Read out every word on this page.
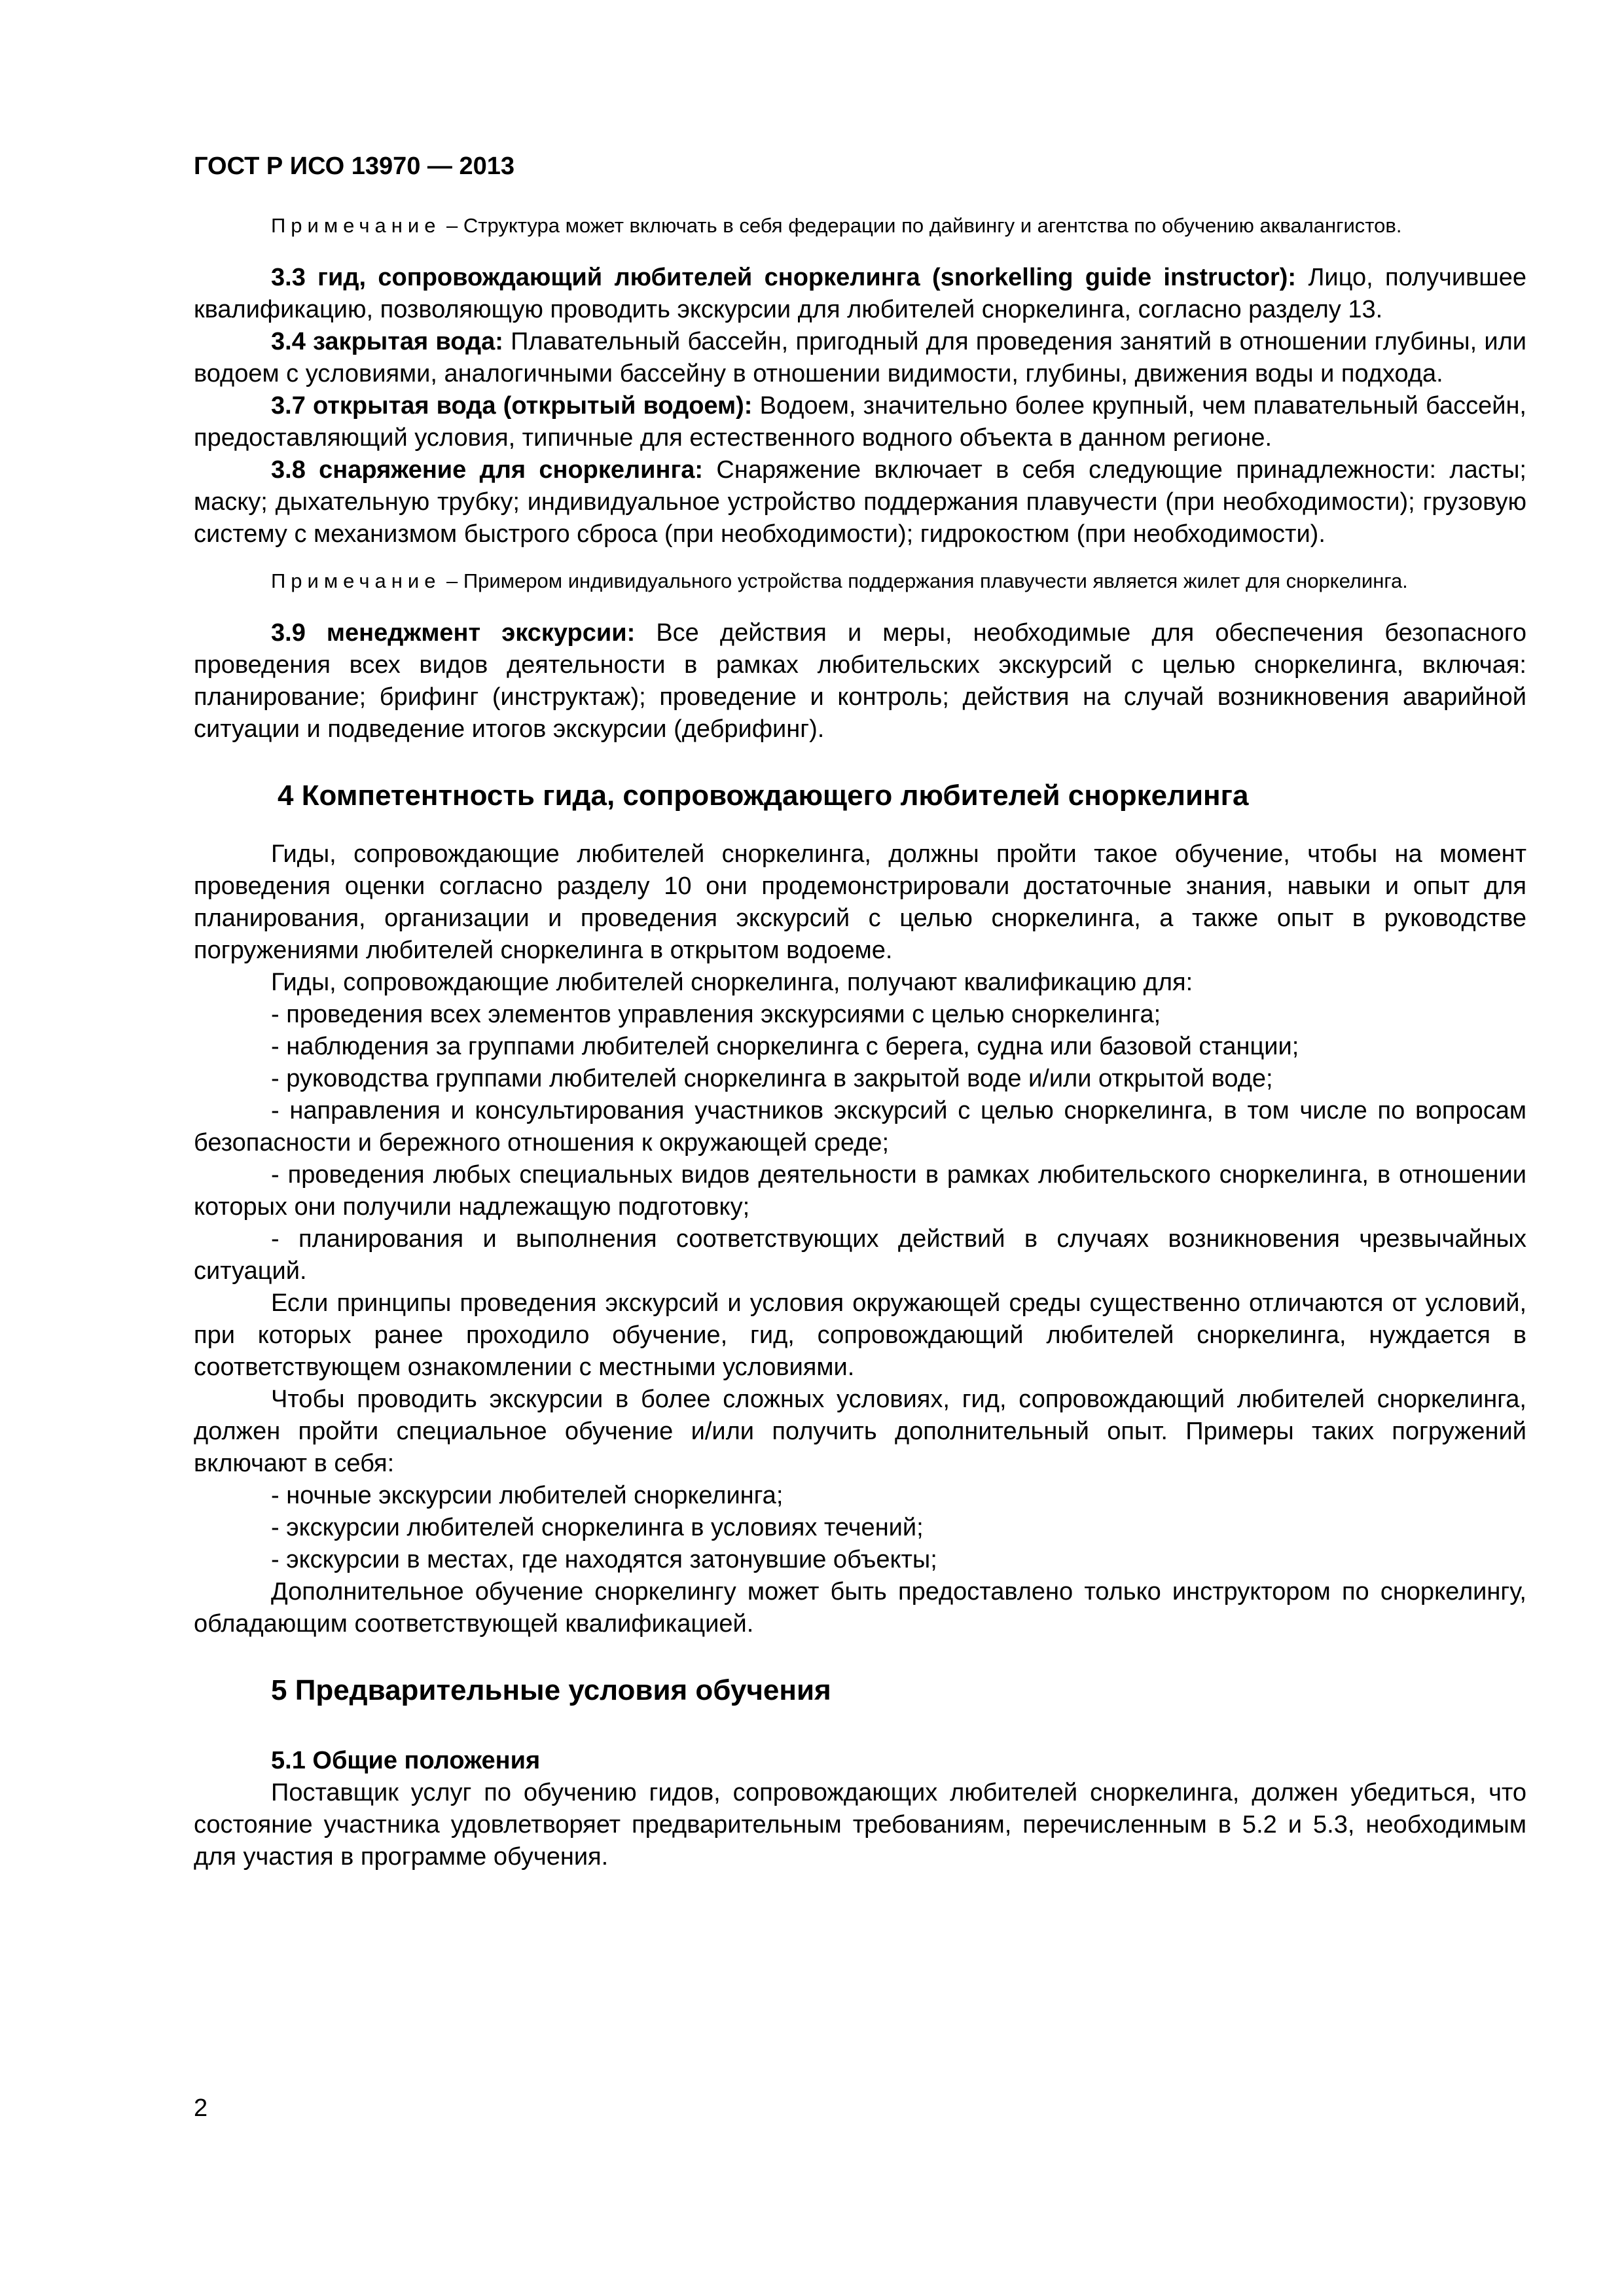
ГОСТ Р ИСО 13970 — 2013
Примечание – Структура может включать в себя федерации по дайвингу и агентства по обучению аквалангистов.

3.3 гид, сопровождающий любителей сноркелинга (snorkelling guide instructor): Лицо, получившее квалификацию, позволяющую проводить экскурсии для любителей сноркелинга, согласно разделу 13.

3.4 закрытая вода: Плавательный бассейн, пригодный для проведения занятий в отношении глубины, или водоем с условиями, аналогичными бассейну в отношении видимости, глубины, движения воды и подхода.

3.7 открытая вода (открытый водоем): Водоем, значительно более крупный, чем плавательный бассейн, предоставляющий условия, типичные для естественного водного объекта в данном регионе.

3.8 снаряжение для сноркелинга: Снаряжение включает в себя следующие принадлежности: ласты; маску; дыхательную трубку; индивидуальное устройство поддержания плавучести (при необходимости); грузовую систему с механизмом быстрого сброса (при необходимости); гидрокостюм (при необходимости).

Примечание – Примером индивидуального устройства поддержания плавучести является жилет для сноркелинга.

3.9 менеджмент экскурсии: Все действия и меры, необходимые для обеспечения безопасного проведения всех видов деятельности в рамках любительских экскурсий с целью сноркелинга, включая: планирование; брифинг (инструктаж); проведение и контроль; действия на случай возникновения аварийной ситуации и подведение итогов экскурсии (дебрифинг).

4 Компетентность гида, сопровождающего любителей сноркелинга

Гиды, сопровождающие любителей сноркелинга, должны пройти такое обучение, чтобы на момент проведения оценки согласно разделу 10 они продемонстрировали достаточные знания, навыки и опыт для планирования, организации и проведения экскурсий с целью сноркелинга, а также опыт в руководстве погружениями любителей сноркелинга в открытом водоеме.

Гиды, сопровождающие любителей сноркелинга, получают квалификацию для:

- проведения всех элементов управления экскурсиями с целью сноркелинга;

- наблюдения за группами любителей сноркелинга с берега, судна или базовой станции;

- руководства группами любителей сноркелинга в закрытой воде и/или открытой воде;

- направления и консультирования участников экскурсий с целью сноркелинга, в том числе по вопросам безопасности и бережного отношения к окружающей среде;

- проведения любых специальных видов деятельности в рамках любительского сноркелинга, в отношении которых они получили надлежащую подготовку;

- планирования и выполнения соответствующих действий в случаях возникновения чрезвычайных ситуаций.

Если принципы проведения экскурсий и условия окружающей среды существенно отличаются от условий, при которых ранее проходило обучение, гид, сопровождающий любителей сноркелинга, нуждается в соответствующем ознакомлении с местными условиями.

Чтобы проводить экскурсии в более сложных условиях, гид, сопровождающий любителей сноркелинга, должен пройти специальное обучение и/или получить дополнительный опыт. Примеры таких погружений включают в себя:

- ночные экскурсии любителей сноркелинга;

- экскурсии любителей сноркелинга в условиях течений;

- экскурсии в местах, где находятся затонувшие объекты;

Дополнительное обучение сноркелингу может быть предоставлено только инструктором по сноркелингу, обладающим соответствующей квалификацией.

5 Предварительные условия обучения
5.1 Общие положения

Поставщик услуг по обучению гидов, сопровождающих любителей сноркелинга, должен убедиться, что состояние участника удовлетворяет предварительным требованиям, перечисленным в 5.2 и 5.3, необходимым для участия в программе обучения.

2
